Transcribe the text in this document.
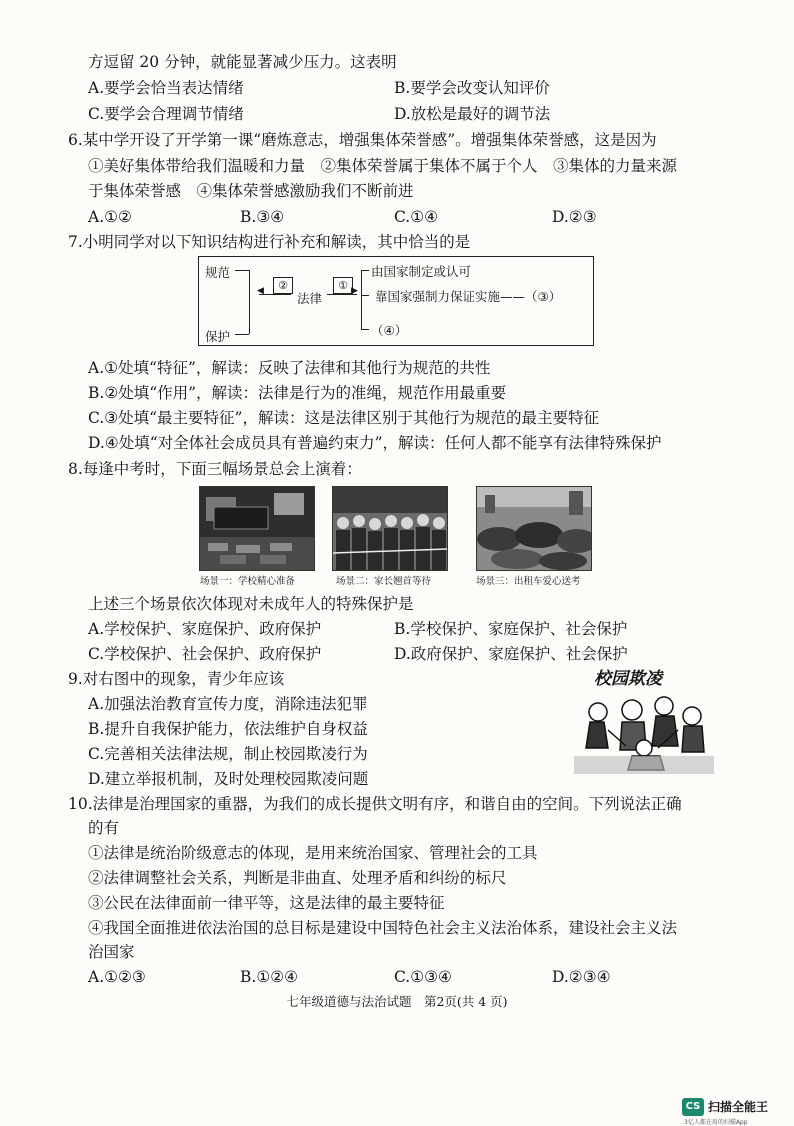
方逗留 20 分钟，就能显著减少压力。这表明
A.要学会恰当表达情绪	B.要学会改变认知评价
C.要学会合理调节情绪	D.放松是最好的调节法
6.某中学开设了开学第一课“磨炼意志，增强集体荣誉感”。增强集体荣誉感，这是因为
①美好集体带给我们温暖和力量　②集体荣誉属于集体不属于个人　③集体的力量来源
于集体荣誉感　④集体荣誉感激励我们不断前进
A.①②	B.③④	C.①④	D.②③
7.小明同学对以下知识结构进行补充和解读，其中恰当的是
规范
保护
②
◀	法律
① ▶
由国家制定或认可
靠国家强制力保证实施——（③）
（④）
A.①处填“特征”，解读：反映了法律和其他行为规范的共性
B.②处填“作用”，解读：法律是行为的准绳，规范作用最重要
C.③处填“最主要特征”，解读：这是法律区别于其他行为规范的最主要特征
D.④处填“对全体社会成员具有普遍约束力”，解读：任何人都不能享有法律特殊保护
8.每逢中考时，下面三幅场景总会上演着：
场景一：学校精心准备	场景二：家长翘首等待	场景三：出租车爱心送考
上述三个场景依次体现对未成年人的特殊保护是
A.学校保护、家庭保护、政府保护	B.学校保护、家庭保护、社会保护
C.学校保护、社会保护、政府保护	D.政府保护、家庭保护、社会保护
9.对右图中的现象，青少年应该
A.加强法治教育宣传力度，消除违法犯罪
B.提升自我保护能力，依法维护自身权益
C.完善相关法律法规，制止校园欺凌行为
D.建立举报机制，及时处理校园欺凌问题
校园欺凌
10.法律是治理国家的重器，为我们的成长提供文明有序，和谐自由的空间。下列说法正确
的有
①法律是统治阶级意志的体现，是用来统治国家、管理社会的工具
②法律调整社会关系，判断是非曲直、处理矛盾和纠纷的标尺
③公民在法律面前一律平等，这是法律的最主要特征
④我国全面推进依法治国的总目标是建设中国特色社会主义法治体系，建设社会主义法
治国家
A.①②③	B.①②④	C.①③④	D.②③④
七年级道德与法治试题　第2页(共 4 页)
CS 扫描全能王
3亿人都在用的扫描App
